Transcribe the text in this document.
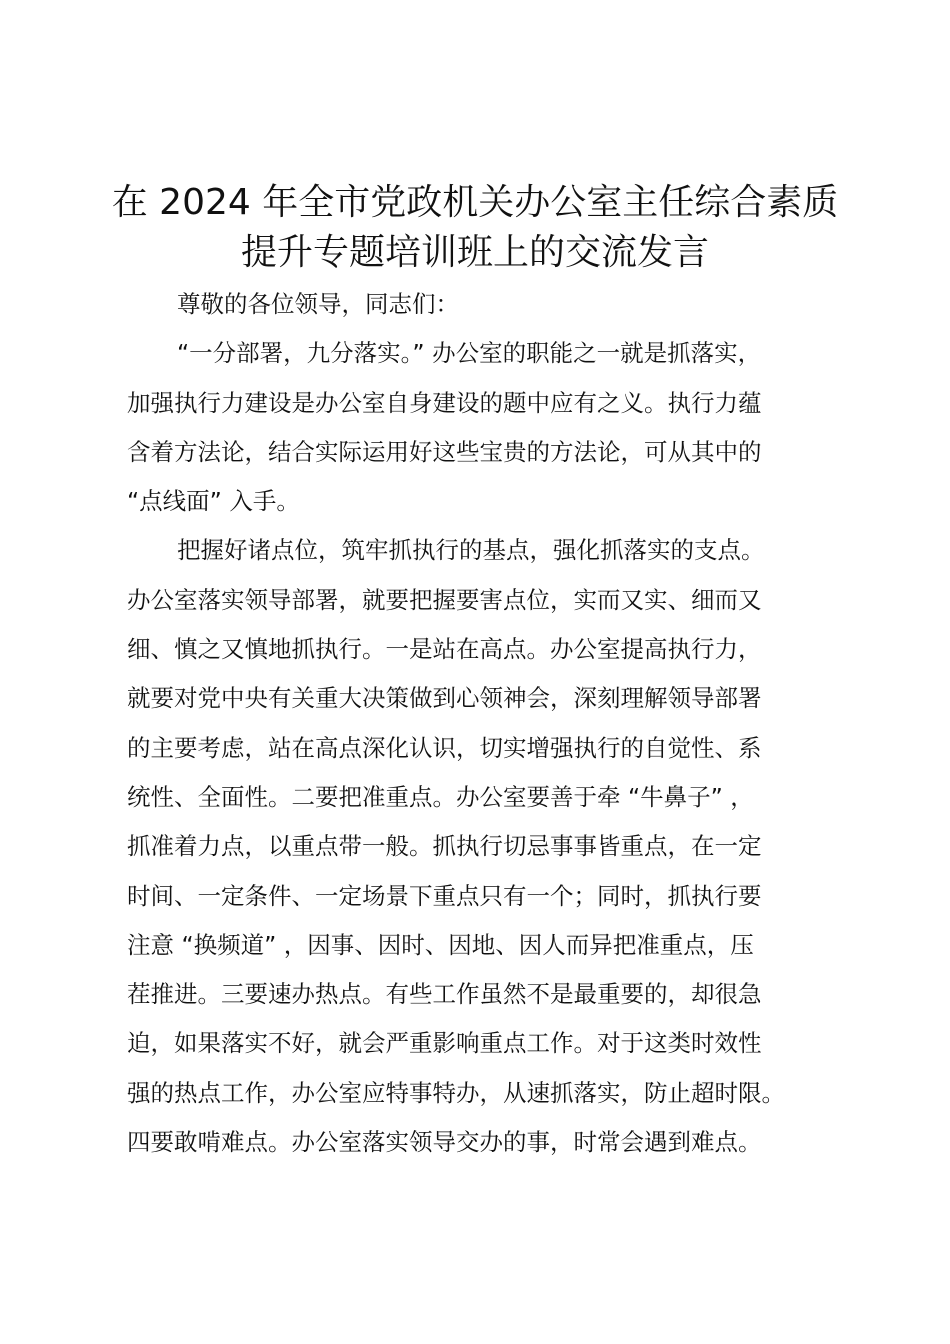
在 2024 年全市党政机关办公室主任综合素质
提升专题培训班上的交流发言

尊敬的各位领导，同志们：

“一分部署，九分落实。” 办公室的职能之一就是抓落实，
加强执行力建设是办公室自身建设的题中应有之义。执行力蕴
含着方法论，结合实际运用好这些宝贵的方法论，可从其中的
“点线面” 入手。

把握好诸点位，筑牢抓执行的基点，强化抓落实的支点。
办公室落实领导部署，就要把握要害点位，实而又实、细而又
细、慎之又慎地抓执行。一是站在高点。办公室提高执行力，
就要对党中央有关重大决策做到心领神会，深刻理解领导部署
的主要考虑，站在高点深化认识，切实增强执行的自觉性、系
统性、全面性。二要把准重点。办公室要善于牵 “牛鼻子” ，
抓准着力点，以重点带一般。抓执行切忌事事皆重点，在一定
时间、一定条件、一定场景下重点只有一个；同时，抓执行要
注意 “换频道” ，因事、因时、因地、因人而异把准重点，压
茬推进。三要速办热点。有些工作虽然不是最重要的，却很急
迫，如果落实不好，就会严重影响重点工作。对于这类时效性
强的热点工作，办公室应特事特办，从速抓落实，防止超时限。
四要敢啃难点。办公室落实领导交办的事，时常会遇到难点。
